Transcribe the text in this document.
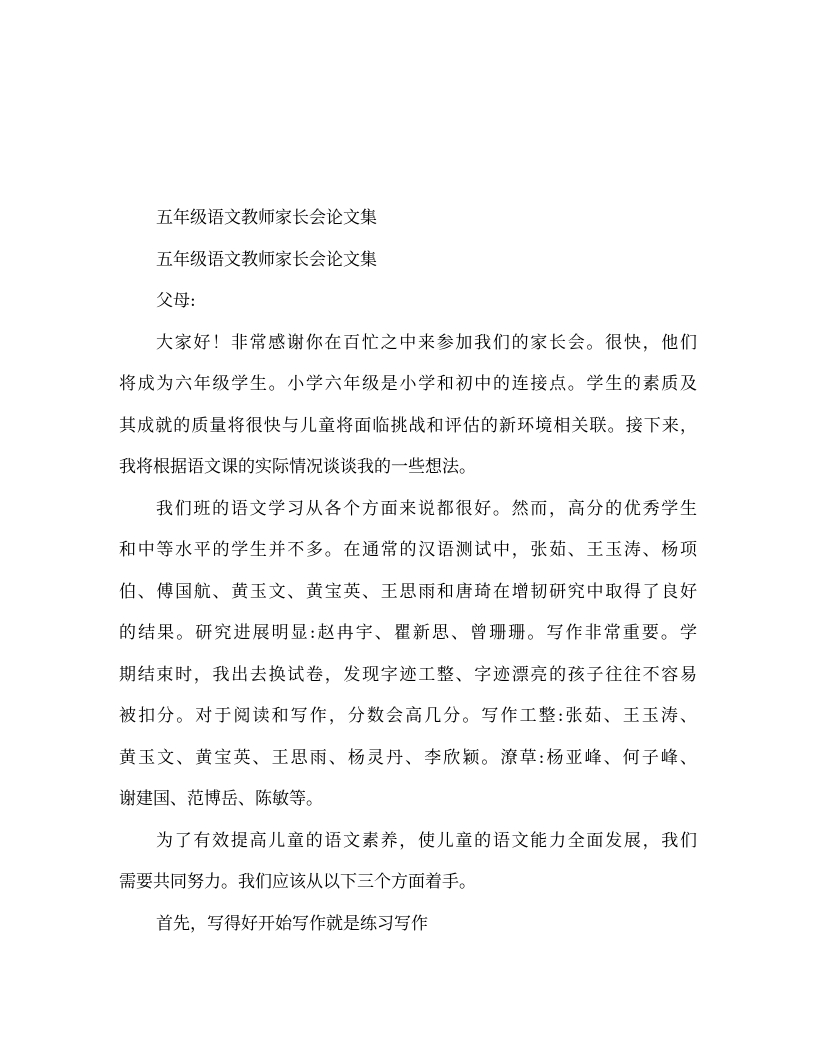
五年级语文教师家长会论文集
五年级语文教师家长会论文集
父母:
大家好！非常感谢你在百忙之中来参加我们的家长会。很快，他们
将成为六年级学生。小学六年级是小学和初中的连接点。学生的素质及
其成就的质量将很快与儿童将面临挑战和评估的新环境相关联。接下来，
我将根据语文课的实际情况谈谈我的一些想法。
我们班的语文学习从各个方面来说都很好。然而，高分的优秀学生
和中等水平的学生并不多。在通常的汉语测试中，张茹、王玉涛、杨项
伯、傅国航、黄玉文、黄宝英、王思雨和唐琦在增韧研究中取得了良好
的结果。研究进展明显:赵冉宇、瞿新思、曾珊珊。写作非常重要。学
期结束时，我出去换试卷，发现字迹工整、字迹漂亮的孩子往往不容易
被扣分。对于阅读和写作，分数会高几分。写作工整:张茹、王玉涛、
黄玉文、黄宝英、王思雨、杨灵丹、李欣颖。潦草:杨亚峰、何子峰、
谢建国、范博岳、陈敏等。
为了有效提高儿童的语文素养，使儿童的语文能力全面发展，我们
需要共同努力。我们应该从以下三个方面着手。
首先，写得好开始写作就是练习写作
